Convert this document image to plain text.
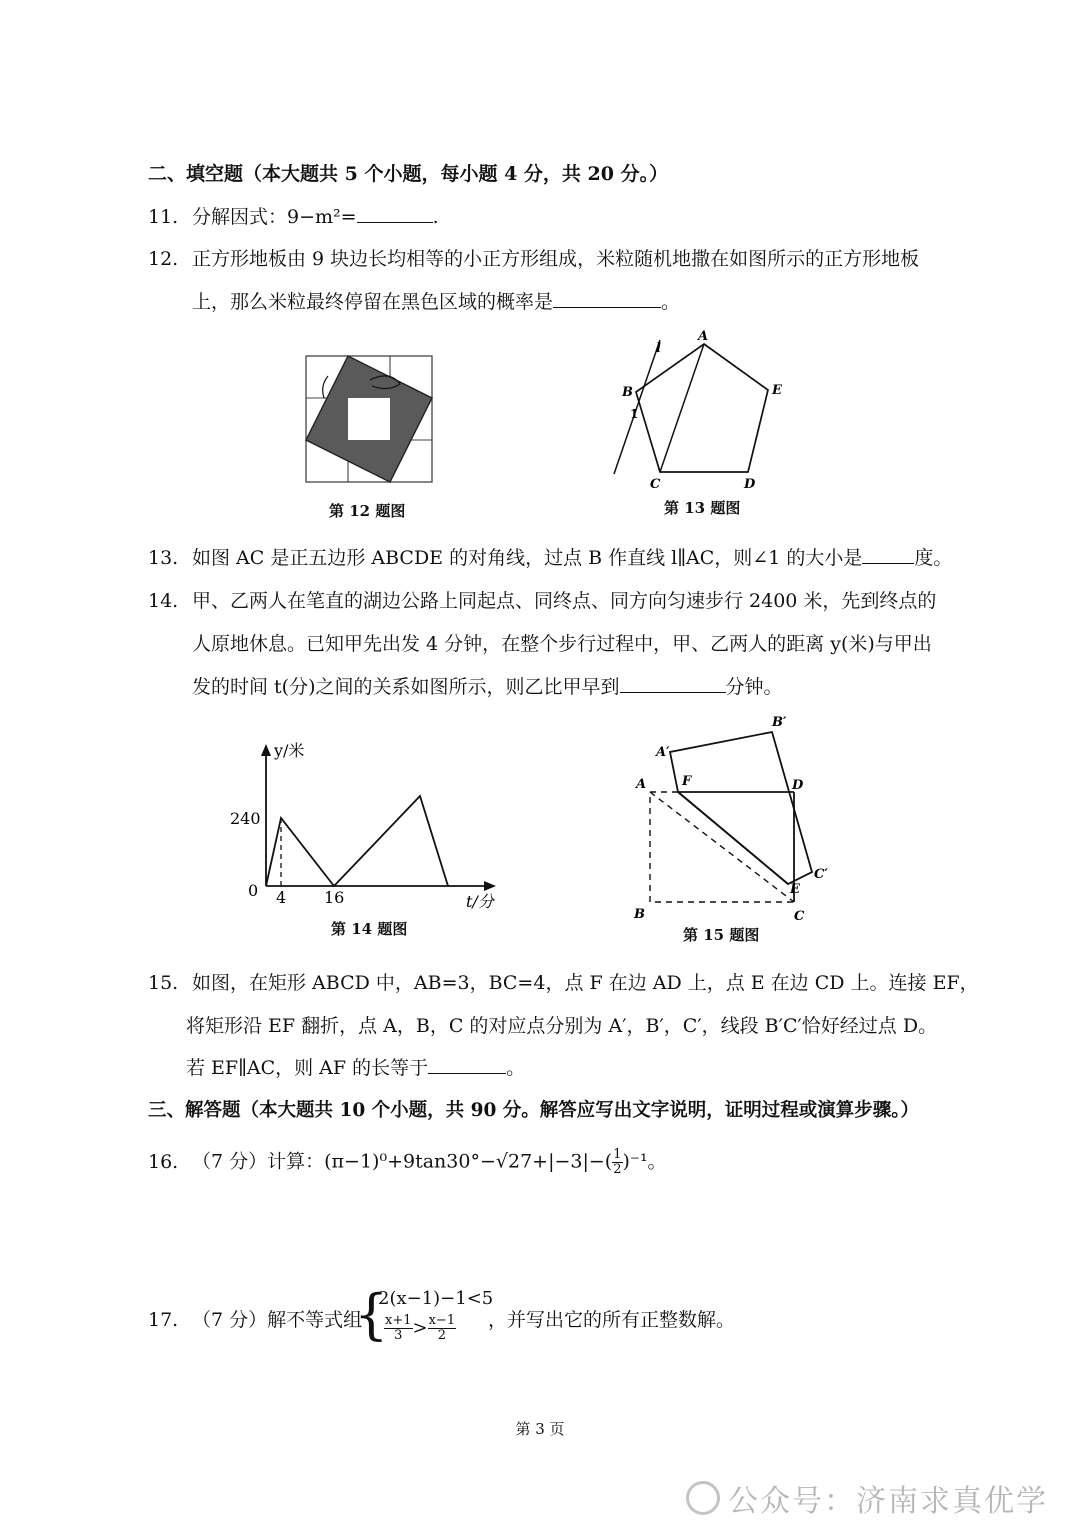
二、填空题（本大题共 5 个小题，每小题 4 分，共 20 分。）
11. 分解因式：9−m²=	.
12. 正方形地板由 9 块边长均相等的小正方形组成，米粒随机地撒在如图所示的正方形地板
上，那么米粒最终停留在黑色区域的概率是	。
第 12 题图
A
E
D
C
B
l
1
第 13 题图
13. 如图 AC 是正五边形 ABCDE 的对角线，过点 B 作直线 l∥AC，则∠1 的大小是	度。
14. 甲、乙两人在笔直的湖边公路上同起点、同终点、同方向匀速步行 2400 米，先到终点的
人原地休息。已知甲先出发 4 分钟，在整个步行过程中，甲、乙两人的距离 y(米)与甲出
发的时间 t(分)之间的关系如图所示，则乙比甲早到	分钟。
y/米
t/分
0
240
4 16
第 14 题图
A
B	C
D
E
F
A′
B′
C′
第 15 题图
15. 如图，在矩形 ABCD 中，AB=3，BC=4，点 F 在边 AD 上，点 E 在边 CD 上。连接 EF，
将矩形沿 EF 翻折，点 A，B，C 的对应点分别为 A′，B′，C′，线段 B′C′恰好经过点 D。
若 EF∥AC，则 AF 的长等于	。
三、解答题（本大题共 10 个小题，共 90 分。解答应写出文字说明，证明过程或演算步骤。）
16. （7 分）计算：$(\pi-1)^0+9\tan 30^\circ-√27+|-3|-( \frac{1}{2} )^{-1}$。
17. （7 分）解不等式组
{
2(x−1)−1<5
$\frac{x+1}{3} > \frac{x-1}{2}$ ，并写出它的所有正整数解。
第 3 页
公众号：济南求真优学
